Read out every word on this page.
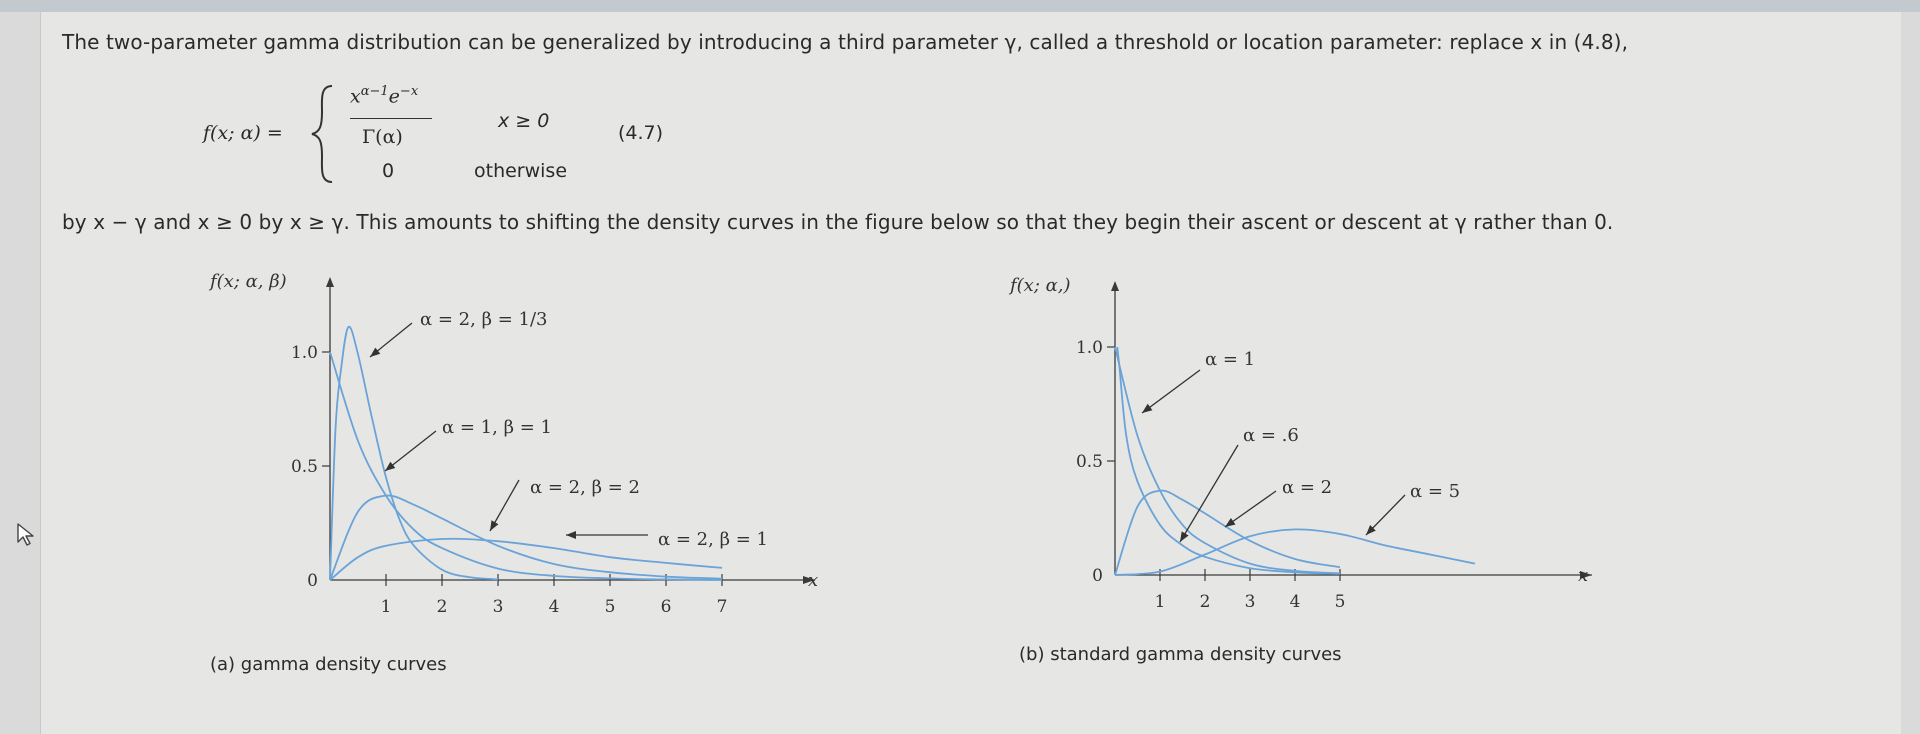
The two-parameter gamma distribution can be generalized by introducing a third parameter γ, called a threshold or location parameter: replace x in (4.8),
f(x; α) =
$x^{\alpha-1}e^{-x}$
Γ(α)
0
x ≥ 0
otherwise
(4.7)
by x − γ and x ≥ 0 by x ≥ γ. This amounts to shifting the density curves in the figure below so that they begin their ascent or descent at γ rather than 0.
0
0.5
1.0
1	2	3	4	5	6	7
x
f(x; α, β)
α = 2, β = 1/3
α = 1, β = 1
α = 2, β = 2
α = 2, β = 1
(a) gamma density curves
0
0.5
1.0
1 2 3 4 5
x
f(x; α,)
α = 1
α = .6
α = 2	α = 5
(b) standard gamma density curves
